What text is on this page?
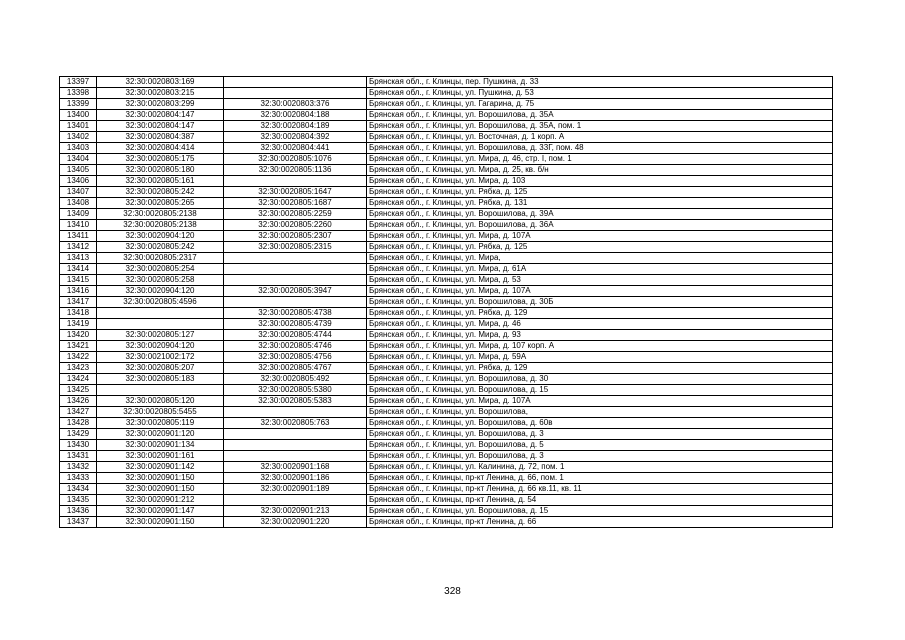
13397	32:30:0020803:169		Брянская обл., г. Клинцы, пер. Пушкина, д. 33
13398	32:30:0020803:215		Брянская обл., г. Клинцы, ул. Пушкина, д. 53
13399	32:30:0020803:299	32:30:0020803:376	Брянская обл., г. Клинцы, ул. Гагарина, д. 75
13400	32:30:0020804:147	32:30:0020804:188	Брянская обл., г. Клинцы, ул. Ворошилова, д. 35А
13401	32:30:0020804:147	32:30:0020804:189	Брянская обл., г. Клинцы, ул. Ворошилова, д. 35А, пом. 1
13402	32:30:0020804:387	32:30:0020804:392	Брянская обл., г. Клинцы, ул. Восточная, д. 1 корп. А
13403	32:30:0020804:414	32:30:0020804:441	Брянская обл., г. Клинцы, ул. Ворошилова, д. 33Г, пом. 48
13404	32:30:0020805:175	32:30:0020805:1076	Брянская обл., г. Клинцы, ул. Мира, д. 46, стр. I, пом. 1
13405	32:30:0020805:180	32:30:0020805:1136	Брянская обл., г. Клинцы, ул. Мира, д. 25, кв. б/н
13406	32:30:0020805:161		Брянская обл., г. Клинцы, ул. Мира, д. 103
13407	32:30:0020805:242	32:30:0020805:1647	Брянская обл., г. Клинцы, ул. Рябка, д. 125
13408	32:30:0020805:265	32:30:0020805:1687	Брянская обл., г. Клинцы, ул. Рябка, д. 131
13409	32:30:0020805:2138	32:30:0020805:2259	Брянская обл., г. Клинцы, ул. Ворошилова, д. 39А
13410	32:30:0020805:2138	32:30:0020805:2260	Брянская обл., г. Клинцы, ул. Ворошилова, д. 36А
13411	32:30:0020904:120	32:30:0020805:2307	Брянская обл., г. Клинцы, ул. Мира, д. 107А
13412	32:30:0020805:242	32:30:0020805:2315	Брянская обл., г. Клинцы, ул. Рябка, д. 125
13413	32:30:0020805:2317		Брянская обл., г. Клинцы, ул. Мира,
13414	32:30:0020805:254		Брянская обл., г. Клинцы, ул. Мира, д. 61А
13415	32:30:0020805:258		Брянская обл., г. Клинцы, ул. Мира, д. 53
13416	32:30:0020904:120	32:30:0020805:3947	Брянская обл., г. Клинцы, ул. Мира, д. 107А
13417	32:30:0020805:4596		Брянская обл., г. Клинцы, ул. Ворошилова, д. 30Б
13418		32:30:0020805:4738	Брянская обл., г. Клинцы, ул. Рябка, д. 129
13419		32:30:0020805:4739	Брянская обл., г. Клинцы, ул. Мира, д. 46
13420	32:30:0020805:127	32:30:0020805:4744	Брянская обл., г. Клинцы, ул. Мира, д. 93
13421	32:30:0020904:120	32:30:0020805:4746	Брянская обл., г. Клинцы, ул. Мира, д. 107 корп. А
13422	32:30:0021002:172	32:30:0020805:4756	Брянская обл., г. Клинцы, ул. Мира, д. 59А
13423	32:30:0020805:207	32:30:0020805:4767	Брянская обл., г. Клинцы, ул. Рябка, д. 129
13424	32:30:0020805:183	32:30:0020805:492	Брянская обл., г. Клинцы, ул. Ворошилова, д. 30
13425		32:30:0020805:5380	Брянская обл., г. Клинцы, ул. Ворошилова, д. 15
13426	32:30:0020805:120	32:30:0020805:5383	Брянская обл., г. Клинцы, ул. Мира, д. 107А
13427	32:30:0020805:5455		Брянская обл., г. Клинцы, ул. Ворошилова,
13428	32:30:0020805:119	32:30:0020805:763	Брянская обл., г. Клинцы, ул. Ворошилова, д. 60в
13429	32:30:0020901:120		Брянская обл., г. Клинцы, ул. Ворошилова, д. 3
13430	32:30:0020901:134		Брянская обл., г. Клинцы, ул. Ворошилова, д. 5
13431	32:30:0020901:161		Брянская обл., г. Клинцы, ул. Ворошилова, д. 3
13432	32:30:0020901:142	32:30:0020901:168	Брянская обл., г. Клинцы, ул. Калинина, д. 72, пом. 1
13433	32:30:0020901:150	32:30:0020901:186	Брянская обл., г. Клинцы, пр-кт Ленина, д. 66, пом. 1
13434	32:30:0020901:150	32:30:0020901:189	Брянская обл., г. Клинцы, пр-кт Ленина, д. 66 кв.11, кв. 11
13435	32:30:0020901:212		Брянская обл., г. Клинцы, пр-кт Ленина, д. 54
13436	32:30:0020901:147	32:30:0020901:213	Брянская обл., г. Клинцы, ул. Ворошилова, д. 15
13437	32:30:0020901:150	32:30:0020901:220	Брянская обл., г. Клинцы, пр-кт Ленина, д. 66
328
